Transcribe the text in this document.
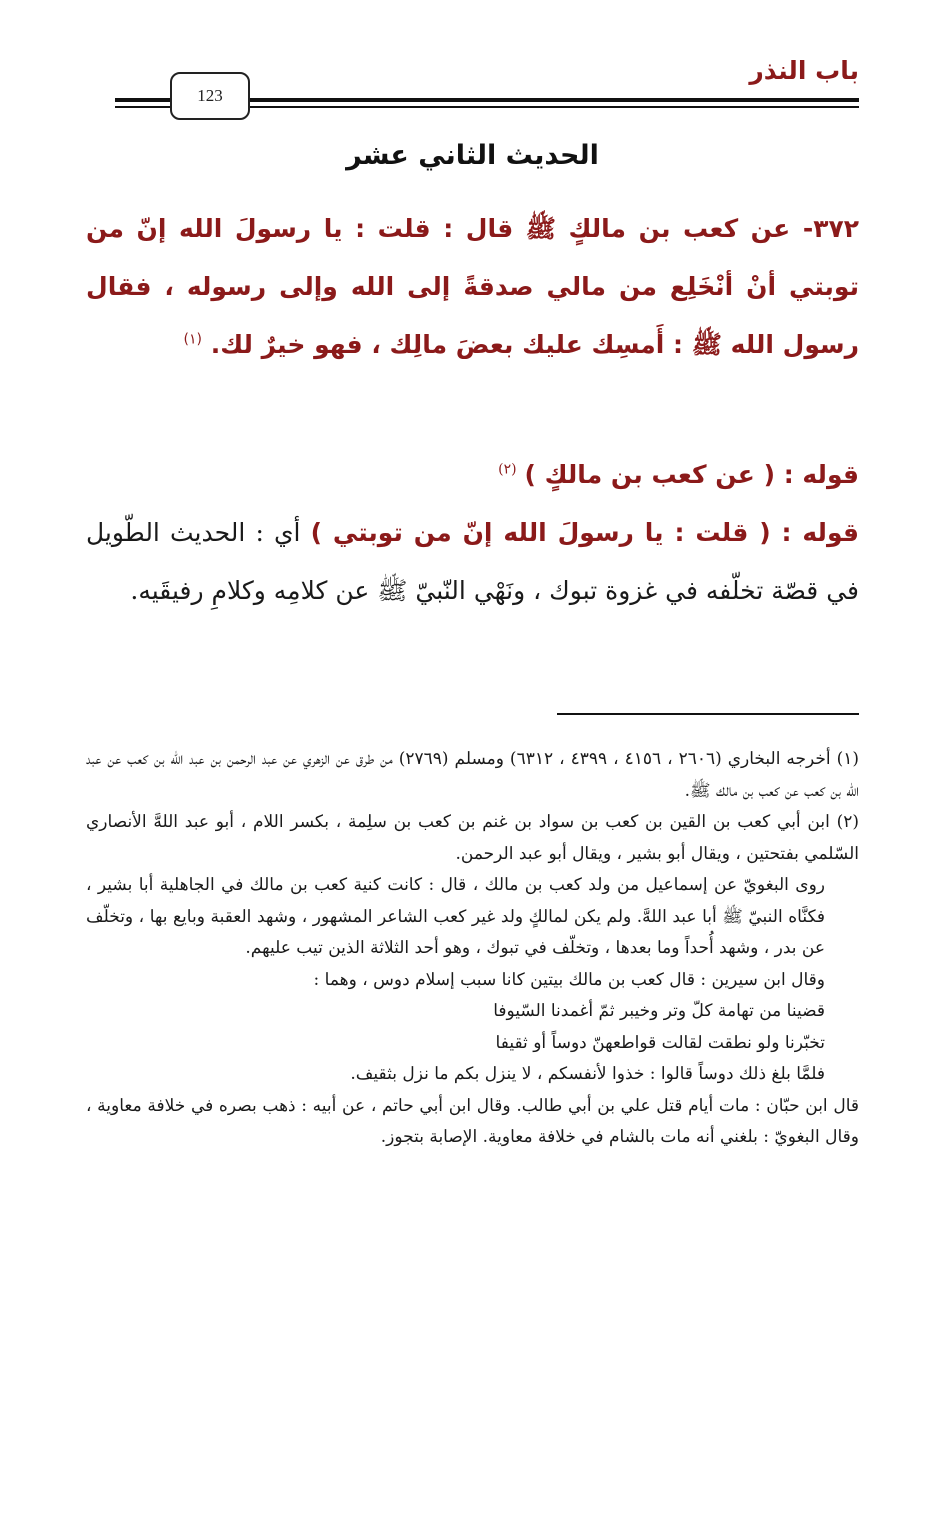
باب النذر
123
الحديث الثاني عشر
٣٧٢- عن كعب بن مالكٍ ﷺ قال : قلت : يا رسولَ الله إنّ من توبتي أنْ أنْخَلِع من مالي صدقةً إلى الله وإلى رسوله ، فقال رسول الله ﷺ : أَمسِك عليك بعضَ مالِك ، فهو خيرٌ لك. $^{(١)}$

قوله : ( عن كعب بن مالكٍ ) $^{(٢)}$

قوله : ( قلت : يا رسولَ الله إنّ من توبتي ) أي : الحديث الطّويل في قصّة تخلّفه في غزوة تبوك ، ونَهْي النّبيّ ﷺ عن كلامِه وكلامِ رفيقَيه.

(١) أخرجه البخاري (٢٦٠٦ ، ٤١٥٦ ، ٤٣٩٩ ، ٦٣١٢) ومسلم (٢٧٦٩) من طرق عن الزهري عن عبد الرحمن بن عبد الله بن كعب عن عبد الله بن كعب عن كعب بن مالك ﷺ.

(٢) ابن أبي كعب بن القين بن كعب بن سواد بن غنم بن كعب بن سلِمة ، بكسر اللام ، أبو عبد اللهَّ الأنصاري السّلمي بفتحتين ، ويقال أبو بشير ، ويقال أبو عبد الرحمن.

روى البغويّ عن إسماعيل من ولد كعب بن مالك ، قال : كانت كنية كعب بن مالك في الجاهلية أبا بشير ، فكنَّاه النبيّ ﷺ أبا عبد اللهَّ. ولم يكن لمالكٍ ولد غير كعب الشاعر المشهور ، وشهد العقبة وبايع بها ، وتخلّف عن بدر ، وشهد أُحداً وما بعدها ، وتخلّف في تبوك ، وهو أحد الثلاثة الذين تيب عليهم.

وقال ابن سيرين : قال كعب بن مالك بيتين كانا سبب إسلام دوس ، وهما :

قضينا من تهامة كلّ وتر وخيبر ثمّ أغمدنا السّيوفا

تخبّرنا ولو نطقت لقالت قواطعهنّ دوساً أو ثقيفا

فلمَّا بلغ ذلك دوساً قالوا : خذوا لأنفسكم ، لا ينزل بكم ما نزل بثقيف.

قال ابن حبّان : مات أيام قتل علي بن أبي طالب. وقال ابن أبي حاتم ، عن أبيه : ذهب بصره في خلافة معاوية ، وقال البغويّ : بلغني أنه مات بالشام في خلافة معاوية. الإصابة بتجوز.
